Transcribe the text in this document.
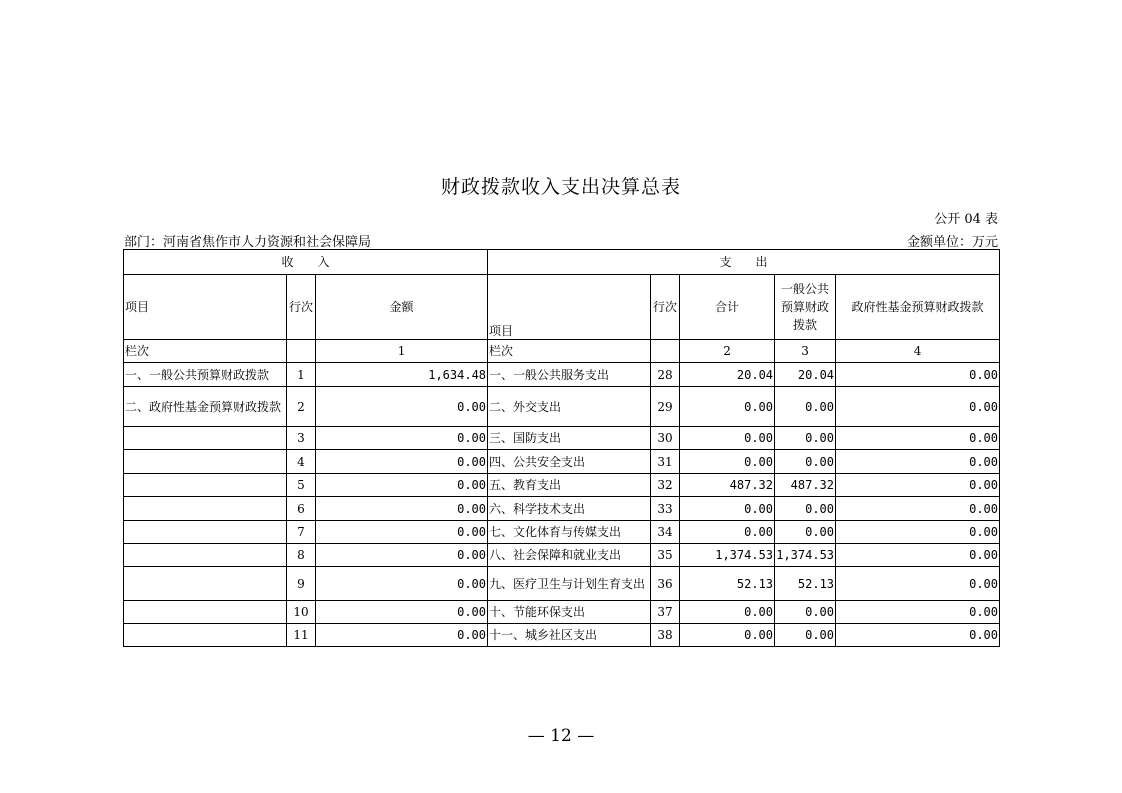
财政拨款收入支出决算总表
公开 04 表
部门：河南省焦作市人力资源和社会保障局	金额单位：万元
收　　入			支　　出				
项目	行次	金额	项目	行次	合计	一般公共预算财政拨款	政府性基金预算财政拨款
栏次		1	栏次		2	3	4
一、一般公共预算财政拨款	1	1,634.48	一、一般公共服务支出	28	20.04	20.04	0.00
二、政府性基金预算财政拨款	2	0.00	二、外交支出	29	0.00	0.00	0.00
	3	0.00	三、国防支出	30	0.00	0.00	0.00
	4	0.00	四、公共安全支出	31	0.00	0.00	0.00
	5	0.00	五、教育支出	32	487.32	487.32	0.00
	6	0.00	六、科学技术支出	33	0.00	0.00	0.00
	7	0.00	七、文化体育与传媒支出	34	0.00	0.00	0.00
	8	0.00	八、社会保障和就业支出	35	1,374.53	1,374.53	0.00
	9	0.00	九、医疗卫生与计划生育支出	36	52.13	52.13	0.00
	10	0.00	十、节能环保支出	37	0.00	0.00	0.00
	11	0.00	十一、城乡社区支出	38	0.00	0.00	0.00
— 12 —
